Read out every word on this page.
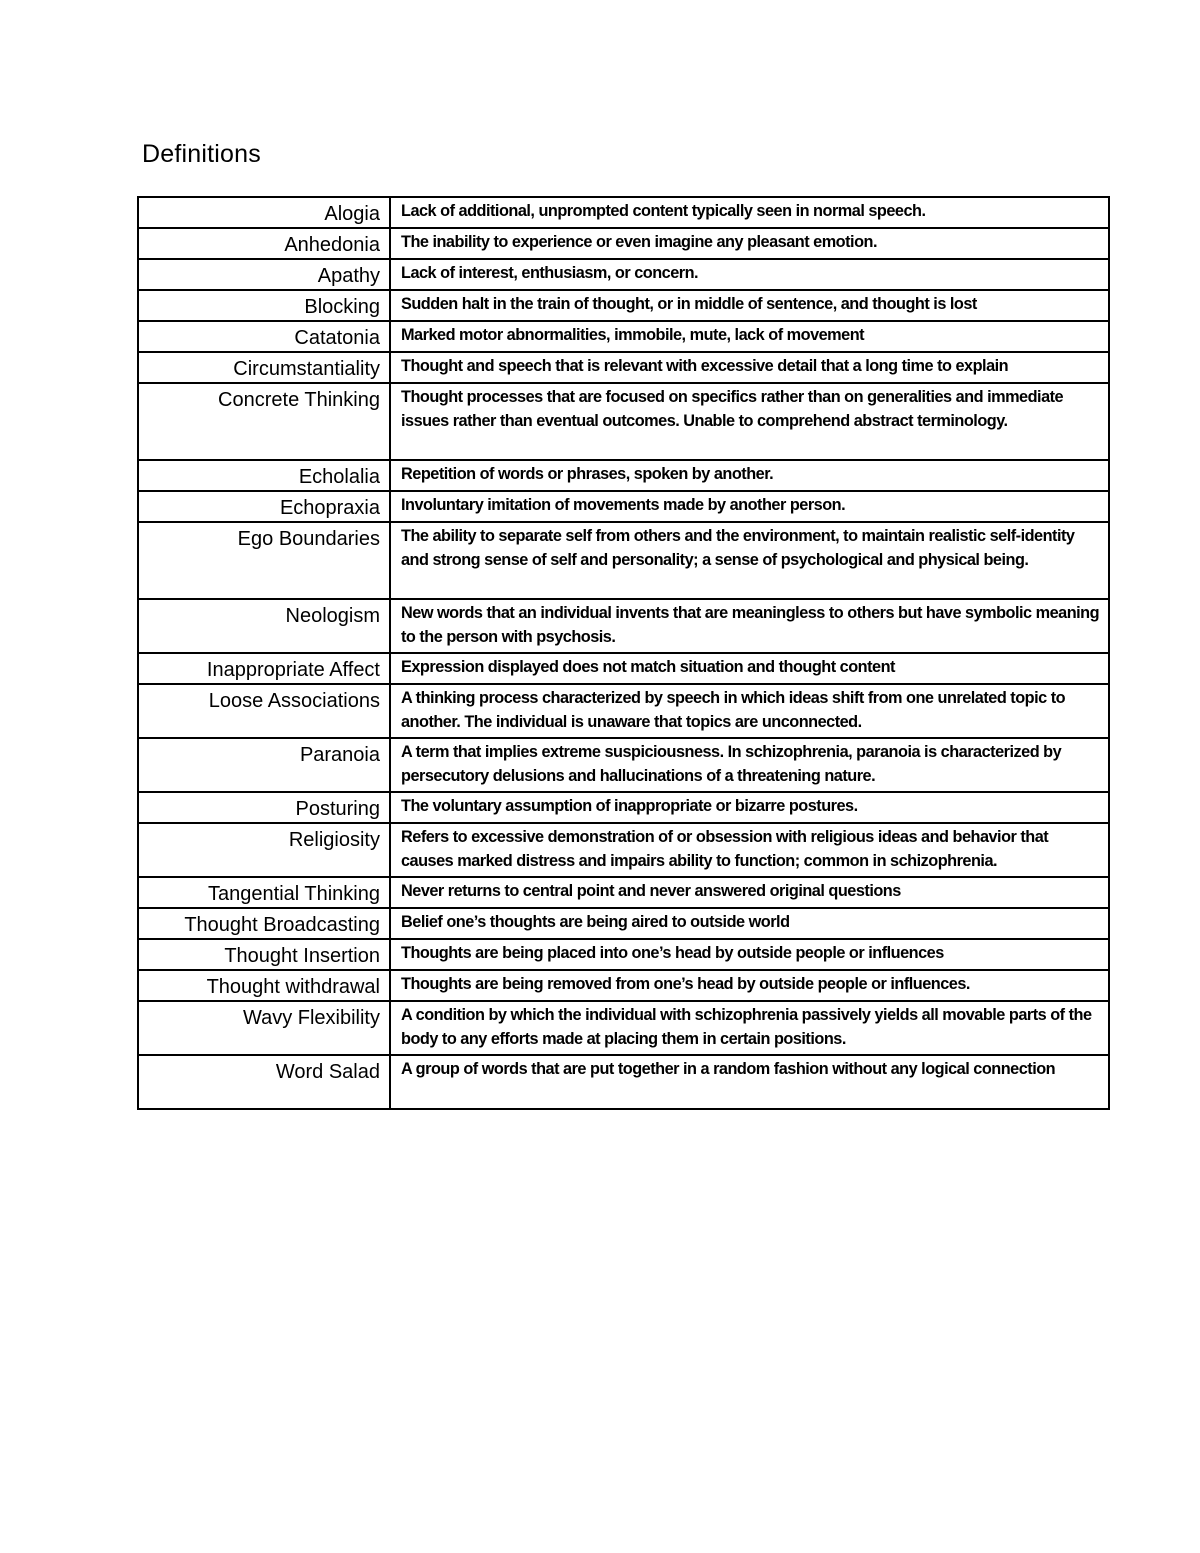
Definitions
Alogia	Lack of additional, unprompted content typically seen in normal speech.
Anhedonia	The inability to experience or even imagine any pleasant emotion.
Apathy	Lack of interest, enthusiasm, or concern.
Blocking	Sudden halt in the train of thought, or in middle of sentence, and thought is lost
Catatonia	Marked motor abnormalities, immobile, mute, lack of movement
Circumstantiality	Thought and speech that is relevant with excessive detail that a long time to explain
Concrete Thinking	Thought processes that are focused on specifics rather than on generalities and immediate issues rather than eventual outcomes. Unable to comprehend abstract terminology.
Echolalia	Repetition of words or phrases, spoken by another.
Echopraxia	Involuntary imitation of movements made by another person.
Ego Boundaries	The ability to separate self from others and the environment, to maintain realistic self-identity and strong sense of self and personality; a sense of psychological and physical being.
Neologism	New words that an individual invents that are meaningless to others but have symbolic meaning to the person with psychosis.
Inappropriate Affect	Expression displayed does not match situation and thought content
Loose Associations	A thinking process characterized by speech in which ideas shift from one unrelated topic to another. The individual is unaware that topics are unconnected.
Paranoia	A term that implies extreme suspiciousness. In schizophrenia, paranoia is characterized by persecutory delusions and hallucinations of a threatening nature.
Posturing	The voluntary assumption of inappropriate or bizarre postures.
Religiosity	Refers to excessive demonstration of or obsession with religious ideas and behavior that causes marked distress and impairs ability to function; common in schizophrenia.
Tangential Thinking	Never returns to central point and never answered original questions
Thought Broadcasting	Belief one’s thoughts are being aired to outside world
Thought Insertion	Thoughts are being placed into one’s head by outside people or influences
Thought withdrawal	Thoughts are being removed from one’s head by outside people or influences.
Wavy Flexibility	A condition by which the individual with schizophrenia passively yields all movable parts of the body to any efforts made at placing them in certain positions.
Word Salad	A group of words that are put together in a random fashion without any logical connection
